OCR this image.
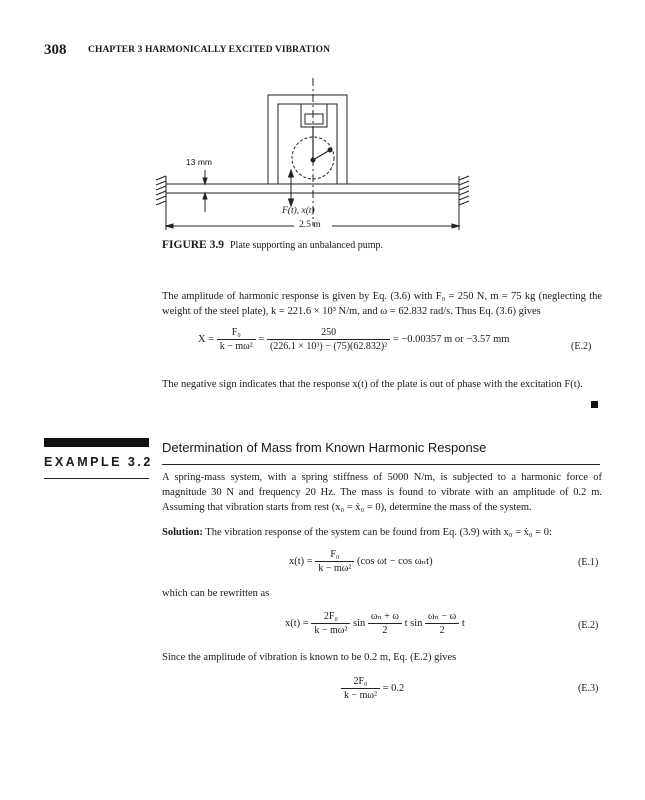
308 CHAPTER 3 HARMONICALLY EXCITED VIBRATION
13 mm
F(t), x(t)
2.5 m
FIGURE 3.9 Plate supporting an unbalanced pump.
The amplitude of harmonic response is given by Eq. (3.6) with F₀ = 250 N, m = 75 kg (neglecting the weight of the steel plate), k = 221.6 × 10³ N/m, and ω = 62.832 rad/s. Thus Eq. (3.6) gives
$X = \frac{\text{F₀}}{\text{k − mω²}} = \frac{250}{\text{(226.1 × 10³) − (75)(62.832)²}} = -0.00357$ m or −3.57 mm
(E.2)
The negative sign indicates that the response x(t) of the plate is out of phase with the excitation F(t).
EXAMPLE 3.2
Determination of Mass from Known Harmonic Response
A spring-mass system, with a spring stiffness of 5000 N/m, is subjected to a harmonic force of magnitude 30 N and frequency 20 Hz. The mass is found to vibrate with an amplitude of 0.2 m. Assuming that vibration starts from rest (x₀ = ẋ₀ = 0), determine the mass of the system.
Solution: The vibration response of the system can be found from Eq. (3.9) with x₀ = ẋ₀ = 0:
$x(t) = \frac{\text{F₀}}{\text{k − mω²}} (\cos$ ωt − cos ωₙt)	(E.1)
which can be rewritten as
$x(t) = \frac{\text{2F₀}}{\text{k − mω²}}$ $\sin \frac{\text{ωₙ + ω}}{2}$ t $\sin \frac{\text{ωₙ − ω}}{2}$ t	(E.2)
Since the amplitude of vibration is known to be 0.2 m, Eq. (E.2) gives
$\frac{\text{2F₀}}{\text{k − mω²}} = 0.2$	(E.3)
